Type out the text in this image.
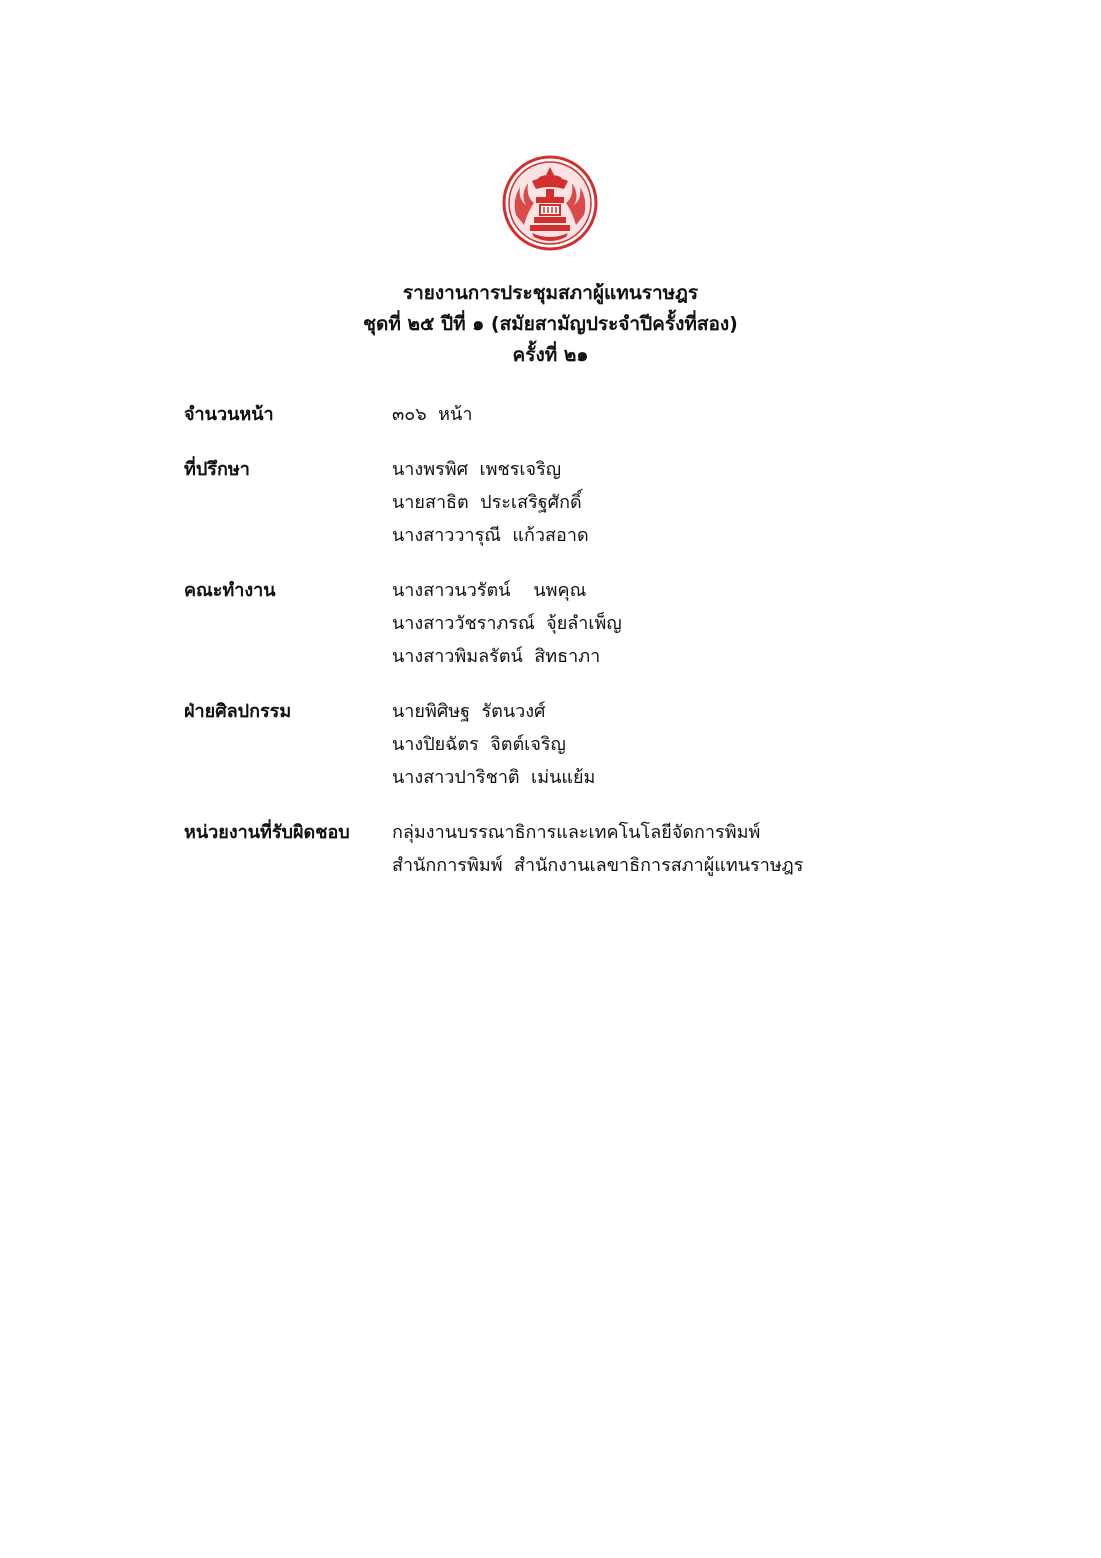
รายงานการประชุมสภาผู้แทนราษฎร
ชุดที่ ๒๕ ปีที่ ๑ (สมัยสามัญประจำปีครั้งที่สอง)
ครั้งที่ ๒๑
จำนวนหน้า	๓๐๖  หน้า
ที่ปรึกษา	นางพรพิศ  เพชรเจริญ
นายสาธิต  ประเสริฐศักดิ์
นางสาววารุณี  แก้วสอาด
คณะทำงาน	นางสาวนวรัตน์    นพคุณ
นางสาววัชราภรณ์  จุ้ยลำเพ็ญ
นางสาวพิมลรัตน์  สิทธาภา
ฝ่ายศิลปกรรม	นายพิศิษฐ  รัตนวงศ์
นางปิยฉัตร  จิตต์เจริญ
นางสาวปาริชาติ  เม่นแย้ม
หน่วยงานที่รับผิดชอบ	กลุ่มงานบรรณาธิการและเทคโนโลยีจัดการพิมพ์
สำนักการพิมพ์  สำนักงานเลขาธิการสภาผู้แทนราษฎร
